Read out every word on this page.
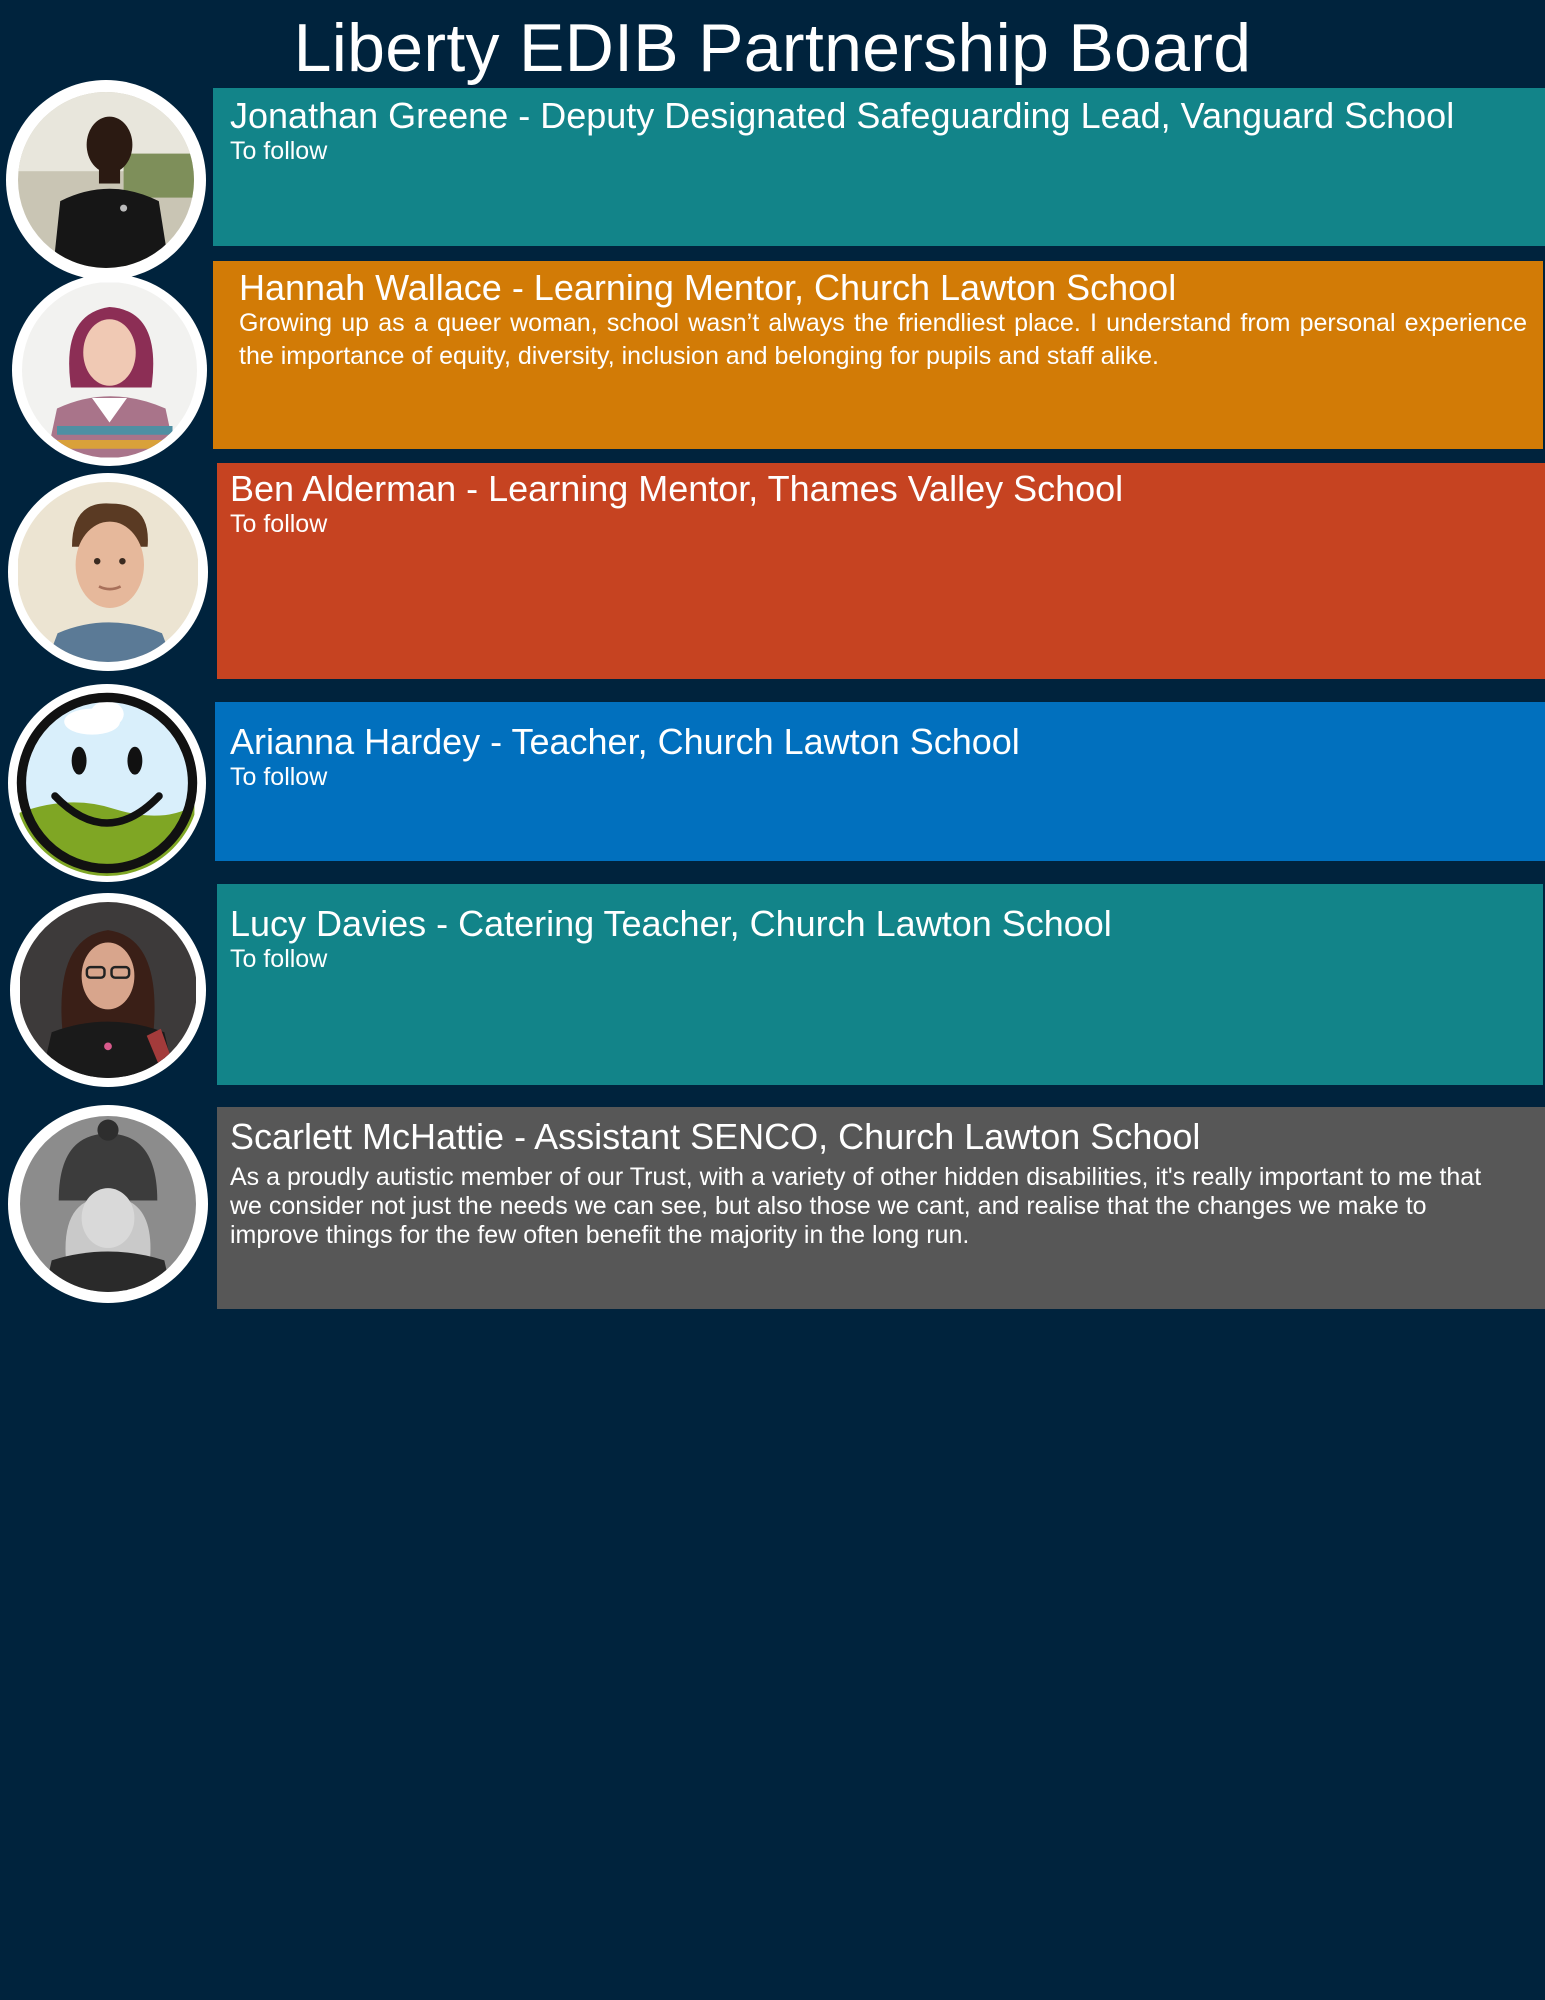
Liberty EDIB Partnership Board
Jonathan Greene - Deputy Designated Safeguarding Lead, Vanguard School
To follow
Hannah Wallace - Learning Mentor, Church Lawton School
Growing up as a queer woman, school wasn’t always the friendliest place. I understand from personal experience the importance of equity, diversity, inclusion and belonging for pupils and staff alike.
Ben Alderman - Learning Mentor, Thames Valley School
To follow
Arianna Hardey - Teacher, Church Lawton School
To follow
Lucy Davies - Catering Teacher, Church Lawton School
To follow
Scarlett McHattie - Assistant SENCO, Church Lawton School
As a proudly autistic member of our Trust, with a variety of other hidden disabilities, it's really important to me that we consider not just the needs we can see, but also those we cant, and realise that the changes we make to improve things for the few often benefit the majority in the long run.
